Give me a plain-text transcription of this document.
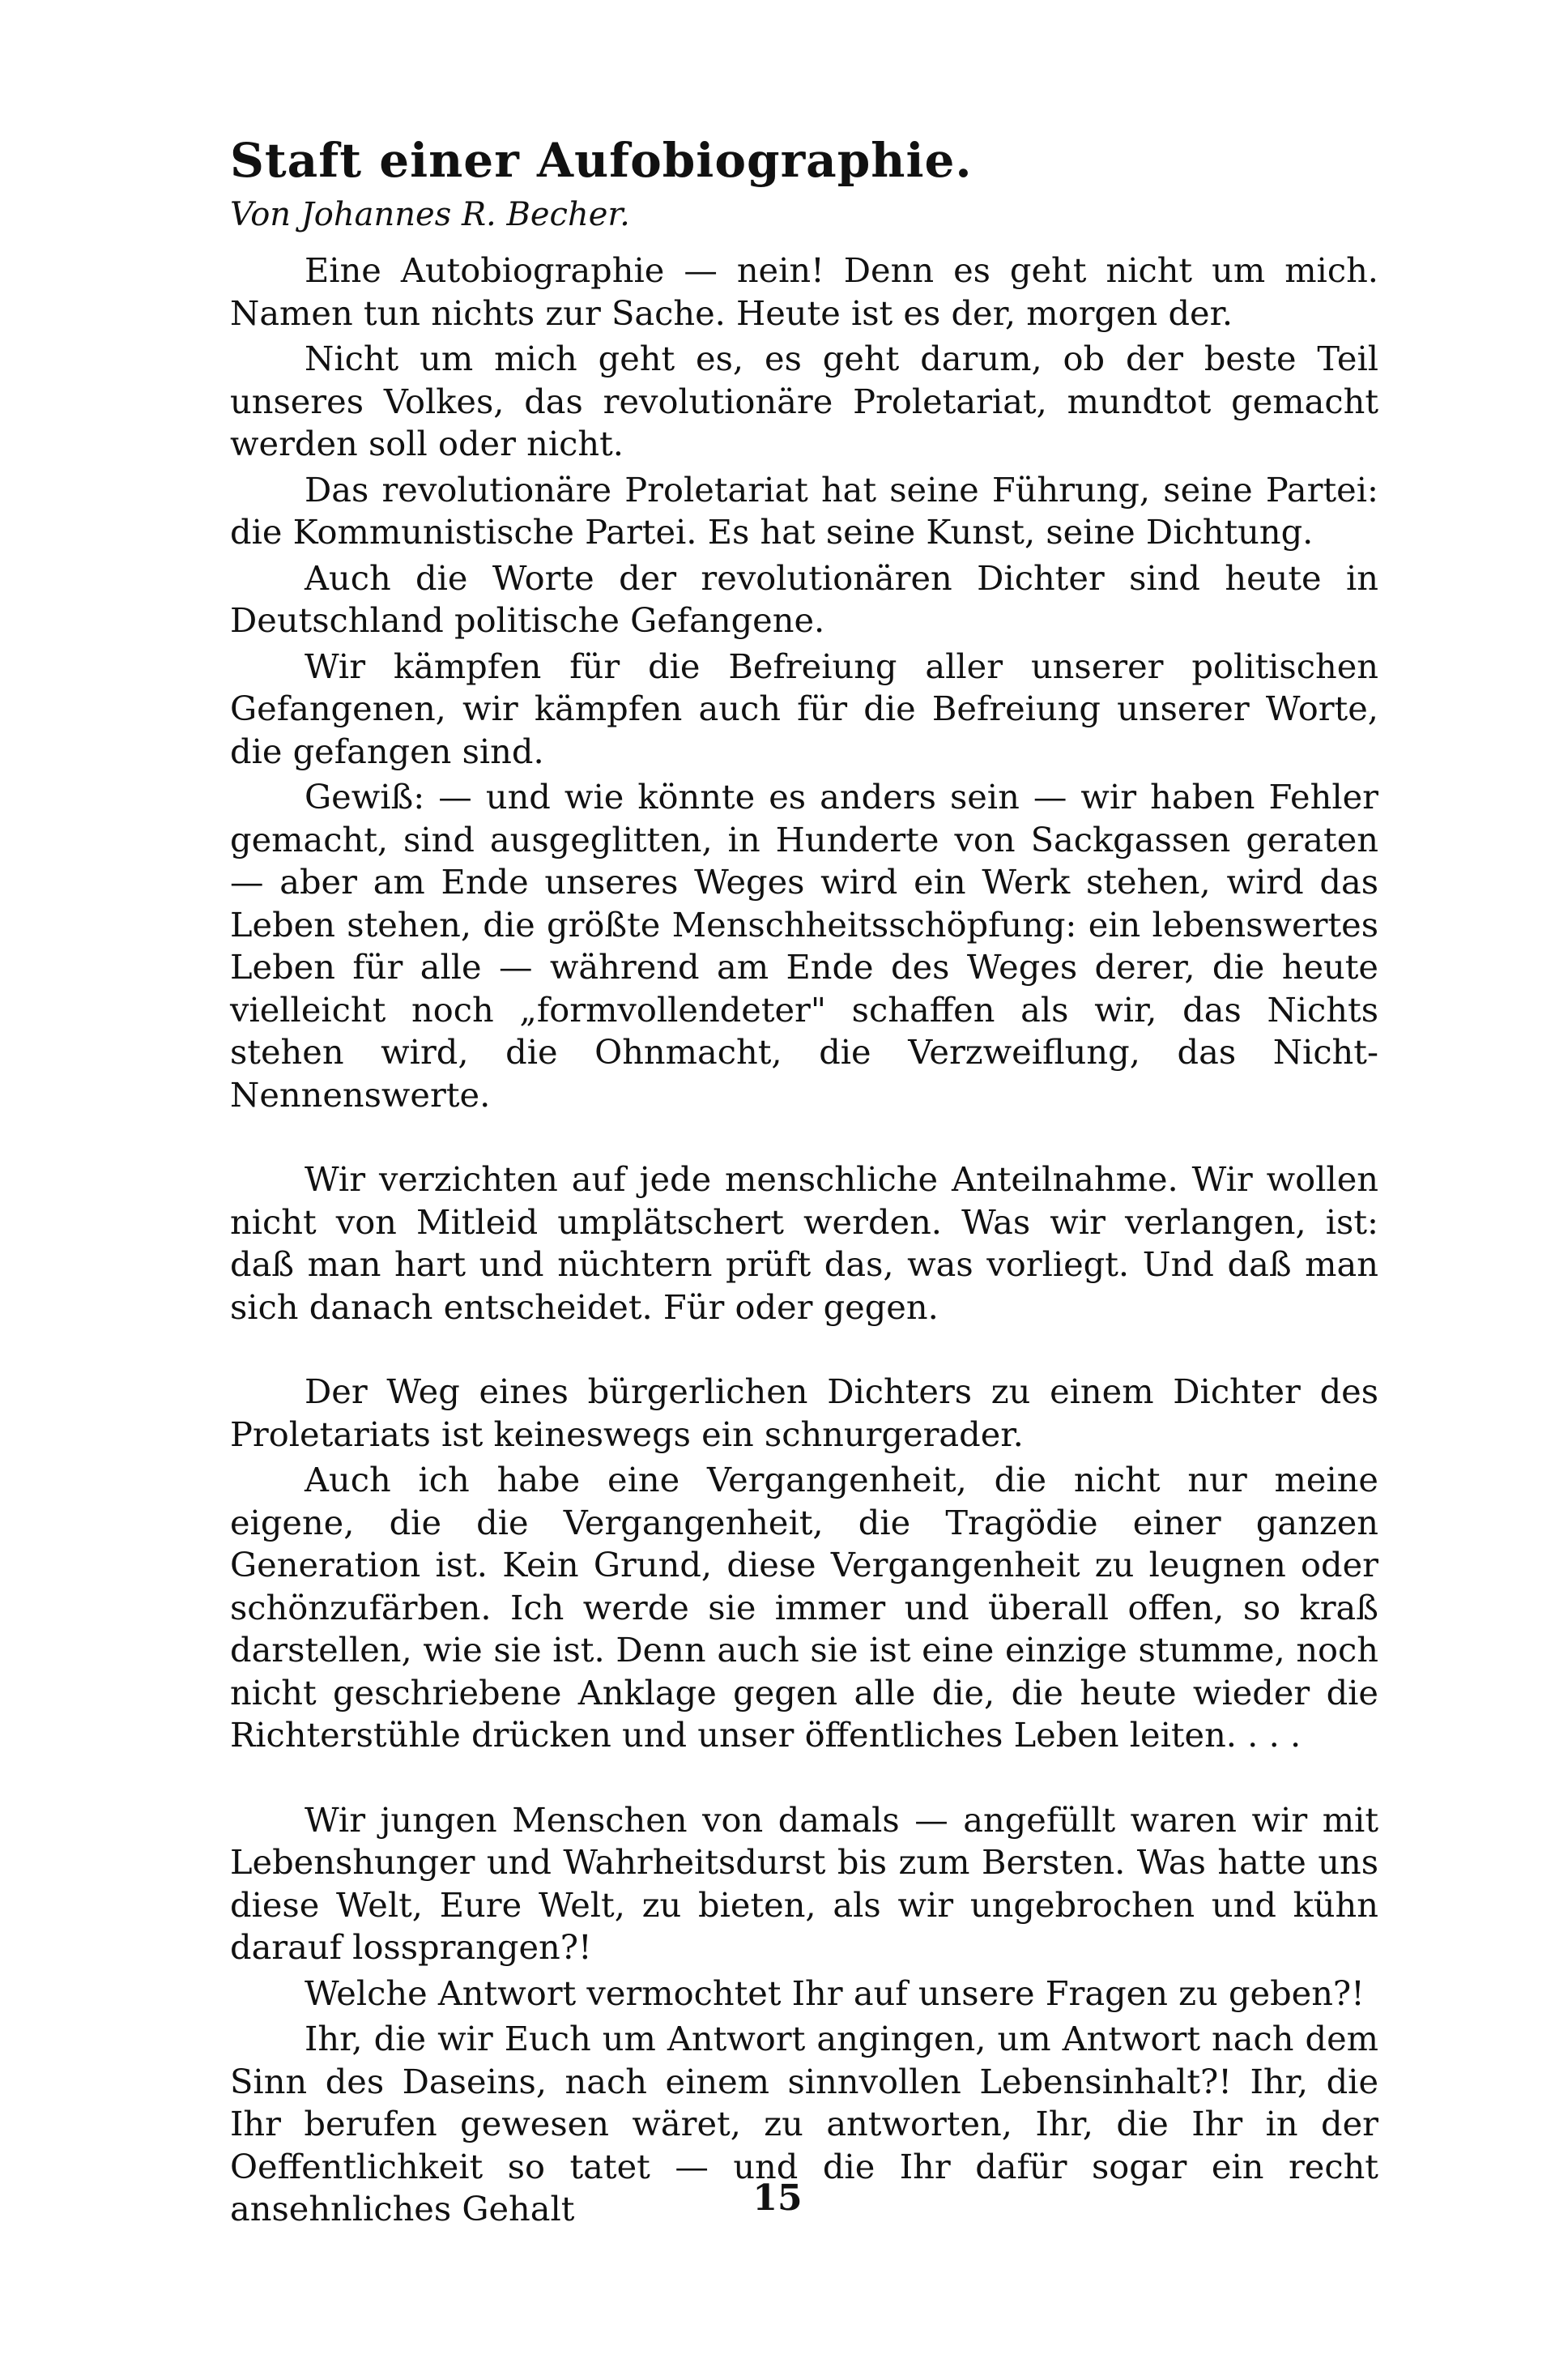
Staft einer Aufobiographie.
Von Johannes R. Becher.

Eine Autobiographie — nein! Denn es geht nicht um mich. Namen tun nichts zur Sache. Heute ist es der, morgen der.

Nicht um mich geht es, es geht darum, ob der beste Teil unseres Volkes, das revolutionäre Proletariat, mundtot gemacht werden soll oder nicht.

Das revolutionäre Proletariat hat seine Führung, seine Partei: die Kommunistische Partei. Es hat seine Kunst, seine Dichtung.

Auch die Worte der revolutionären Dichter sind heute in Deutschland politische Gefangene.

Wir kämpfen für die Befreiung aller unserer politischen Gefangenen, wir kämpfen auch für die Befreiung unserer Worte, die gefangen sind.

Gewiß: — und wie könnte es anders sein — wir haben Fehler gemacht, sind ausgeglitten, in Hunderte von Sackgassen geraten — aber am Ende unseres Weges wird ein Werk stehen, wird das Leben stehen, die größte Menschheitsschöpfung: ein lebenswertes Leben für alle — während am Ende des Weges derer, die heute vielleicht noch „formvollendeter" schaffen als wir, das Nichts stehen wird, die Ohnmacht, die Verzweiflung, das Nicht-Nennenswerte.

Wir verzichten auf jede menschliche Anteilnahme. Wir wollen nicht von Mitleid umplätschert werden. Was wir verlangen, ist: daß man hart und nüchtern prüft das, was vorliegt. Und daß man sich danach entscheidet. Für oder gegen.

Der Weg eines bürgerlichen Dichters zu einem Dichter des Proletariats ist keineswegs ein schnurgerader.

Auch ich habe eine Vergangenheit, die nicht nur meine eigene, die die Vergangenheit, die Tragödie einer ganzen Generation ist. Kein Grund, diese Vergangenheit zu leugnen oder schönzufärben. Ich werde sie immer und überall offen, so kraß darstellen, wie sie ist. Denn auch sie ist eine einzige stumme, noch nicht geschriebene Anklage gegen alle die, die heute wieder die Richterstühle drücken und unser öffentliches Leben leiten. . . .

Wir jungen Menschen von damals — angefüllt waren wir mit Lebenshunger und Wahrheitsdurst bis zum Bersten. Was hatte uns diese Welt, Eure Welt, zu bieten, als wir ungebrochen und kühn darauf lossprangen?!

Welche Antwort vermochtet Ihr auf unsere Fragen zu geben?!

Ihr, die wir Euch um Antwort angingen, um Antwort nach dem Sinn des Daseins, nach einem sinnvollen Lebensinhalt?! Ihr, die Ihr berufen gewesen wäret, zu antworten, Ihr, die Ihr in der Oeffentlichkeit so tatet — und die Ihr dafür sogar ein recht ansehnliches Gehalt	15
